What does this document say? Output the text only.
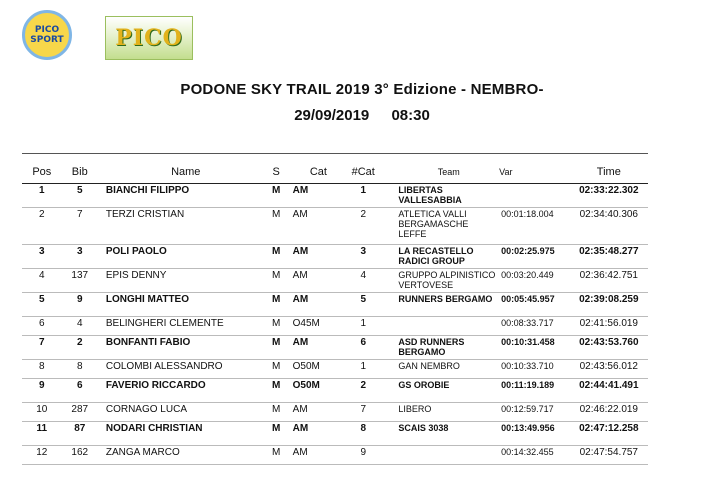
PICO
SPORT PICO
PODONE SKY TRAIL 2019 3° Edizione - NEMBRO-
29/09/2019 08:30
Pos	Bib	Name	S	Cat	#Cat	Team	Var	Time
1	5	BIANCHI FILIPPO	M	AM	1	LIBERTAS VALLESABBIA		02:33:22.302
2	7	TERZI CRISTIAN	M	AM	2	ATLETICA VALLI BERGAMASCHE LEFFE	00:01:18.004	02:34:40.306
3	3	POLI PAOLO	M	AM	3	LA RECASTELLO RADICI GROUP	00:02:25.975	02:35:48.277
4	137	EPIS DENNY	M	AM	4	GRUPPO ALPINISTICO VERTOVESE	00:03:20.449	02:36:42.751
5	9	LONGHI MATTEO	M	AM	5	RUNNERS BERGAMO	00:05:45.957	02:39:08.259
6	4	BELINGHERI CLEMENTE	M	O45M	1		00:08:33.717	02:41:56.019
7	2	BONFANTI FABIO	M	AM	6	ASD RUNNERS BERGAMO	00:10:31.458	02:43:53.760
8	8	COLOMBI ALESSANDRO	M	O50M	1	GAN NEMBRO	00:10:33.710	02:43:56.012
9	6	FAVERIO RICCARDO	M	O50M	2	GS OROBIE	00:11:19.189	02:44:41.491
10	287	CORNAGO LUCA	M	AM	7	LIBERO	00:12:59.717	02:46:22.019
11	87	NODARI CHRISTIAN	M	AM	8	SCAIS 3038	00:13:49.956	02:47:12.258
12	162	ZANGA MARCO	M	AM	9		00:14:32.455	02:47:54.757
